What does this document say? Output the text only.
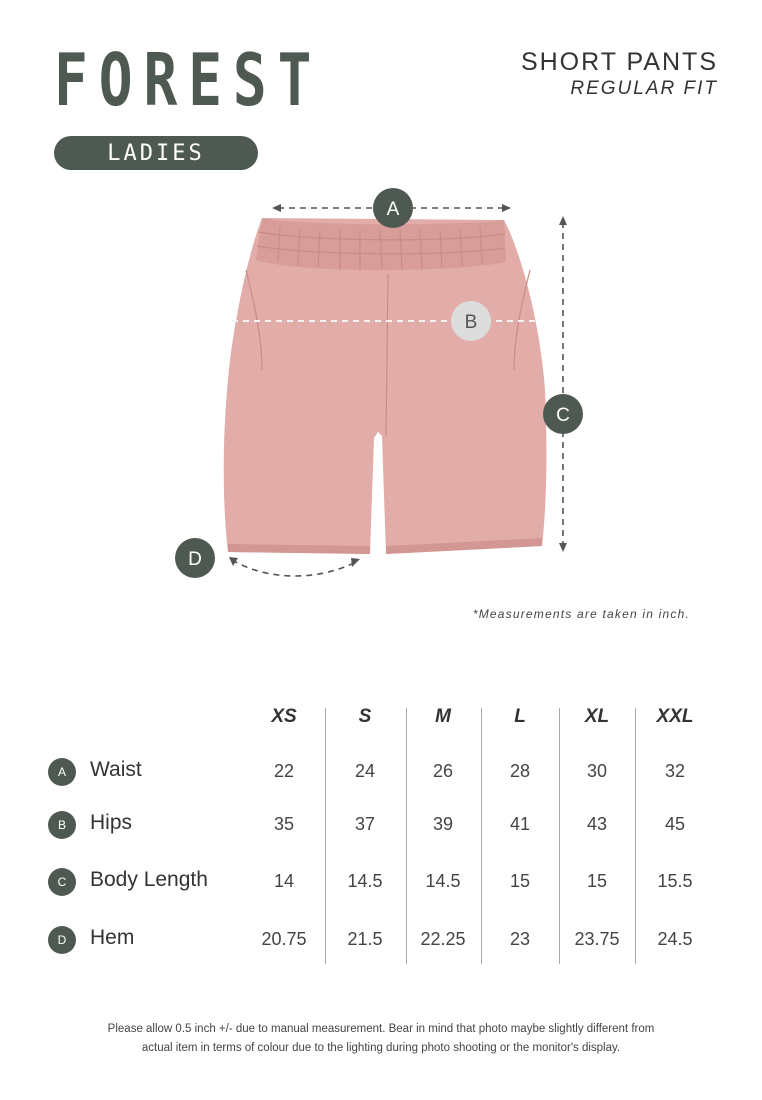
FOREST
LADIES
SHORT PANTS
REGULAR FIT
A
B
C
D
*Measurements are taken in inch.
XS	S	M	L	XL	XXL
A	Waist	22	24	26	28	30	32
B	Hips	35	37	39	41	43	45
C	Body Length	14	14.5	14.5	15	15	15.5
D	Hem	20.75	21.5	22.25	23	23.75	24.5
Please allow 0.5 inch +/- due to manual measurement. Bear in mind that photo maybe slightly different from
actual item in terms of colour due to the lighting during photo shooting or the monitor's display.
